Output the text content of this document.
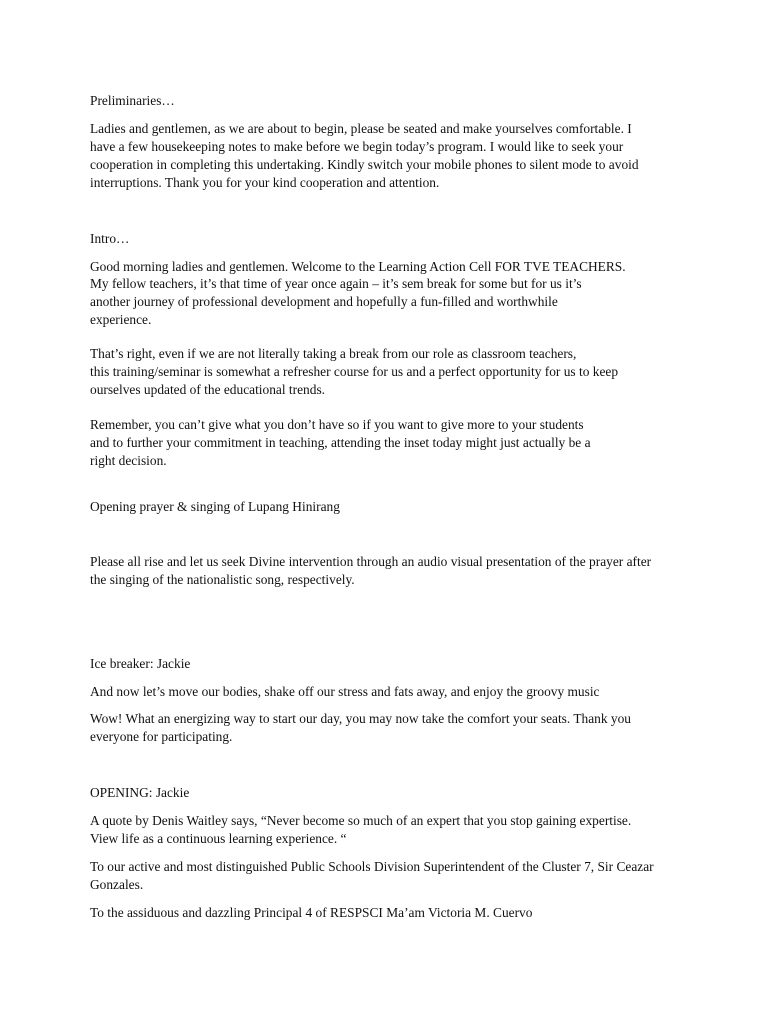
Preliminaries…

Ladies and gentlemen, as we are about to begin, please be seated and make yourselves comfortable. I

have a few housekeeping notes to make before we begin today’s program. I would like to seek your

cooperation in completing this undertaking. Kindly switch your mobile phones to silent mode to avoid

interruptions. Thank you for your kind cooperation and attention.

Intro…

Good morning ladies and gentlemen. Welcome to the Learning Action Cell FOR TVE TEACHERS.

My fellow teachers, it’s that time of year once again – it’s sem break for some but for us it’s

another journey of professional development and hopefully a fun-filled and worthwhile

experience.

That’s right, even if we are not literally taking a break from our role as classroom teachers,

this training/seminar is somewhat a refresher course for us and a perfect opportunity for us to keep

ourselves updated of the educational trends.

Remember, you can’t give what you don’t have so if you want to give more to your students

and to further your commitment in teaching, attending the inset today might just actually be a

right decision.

Opening prayer & singing of Lupang Hinirang

Please all rise and let us seek Divine intervention through an audio visual presentation of the prayer after

the singing of the nationalistic song, respectively.

Ice breaker: Jackie

And now let’s move our bodies, shake off our stress and fats away, and enjoy the groovy music

Wow! What an energizing way to start our day, you may now take the comfort your seats. Thank you

everyone for participating.

OPENING: Jackie

A quote by Denis Waitley says, “Never become so much of an expert that you stop gaining expertise.

View life as a continuous learning experience. “

To our active and most distinguished Public Schools Division Superintendent of the Cluster 7, Sir Ceazar

Gonzales.

To the assiduous and dazzling Principal 4 of RESPSCI Ma’am Victoria M. Cuervo
